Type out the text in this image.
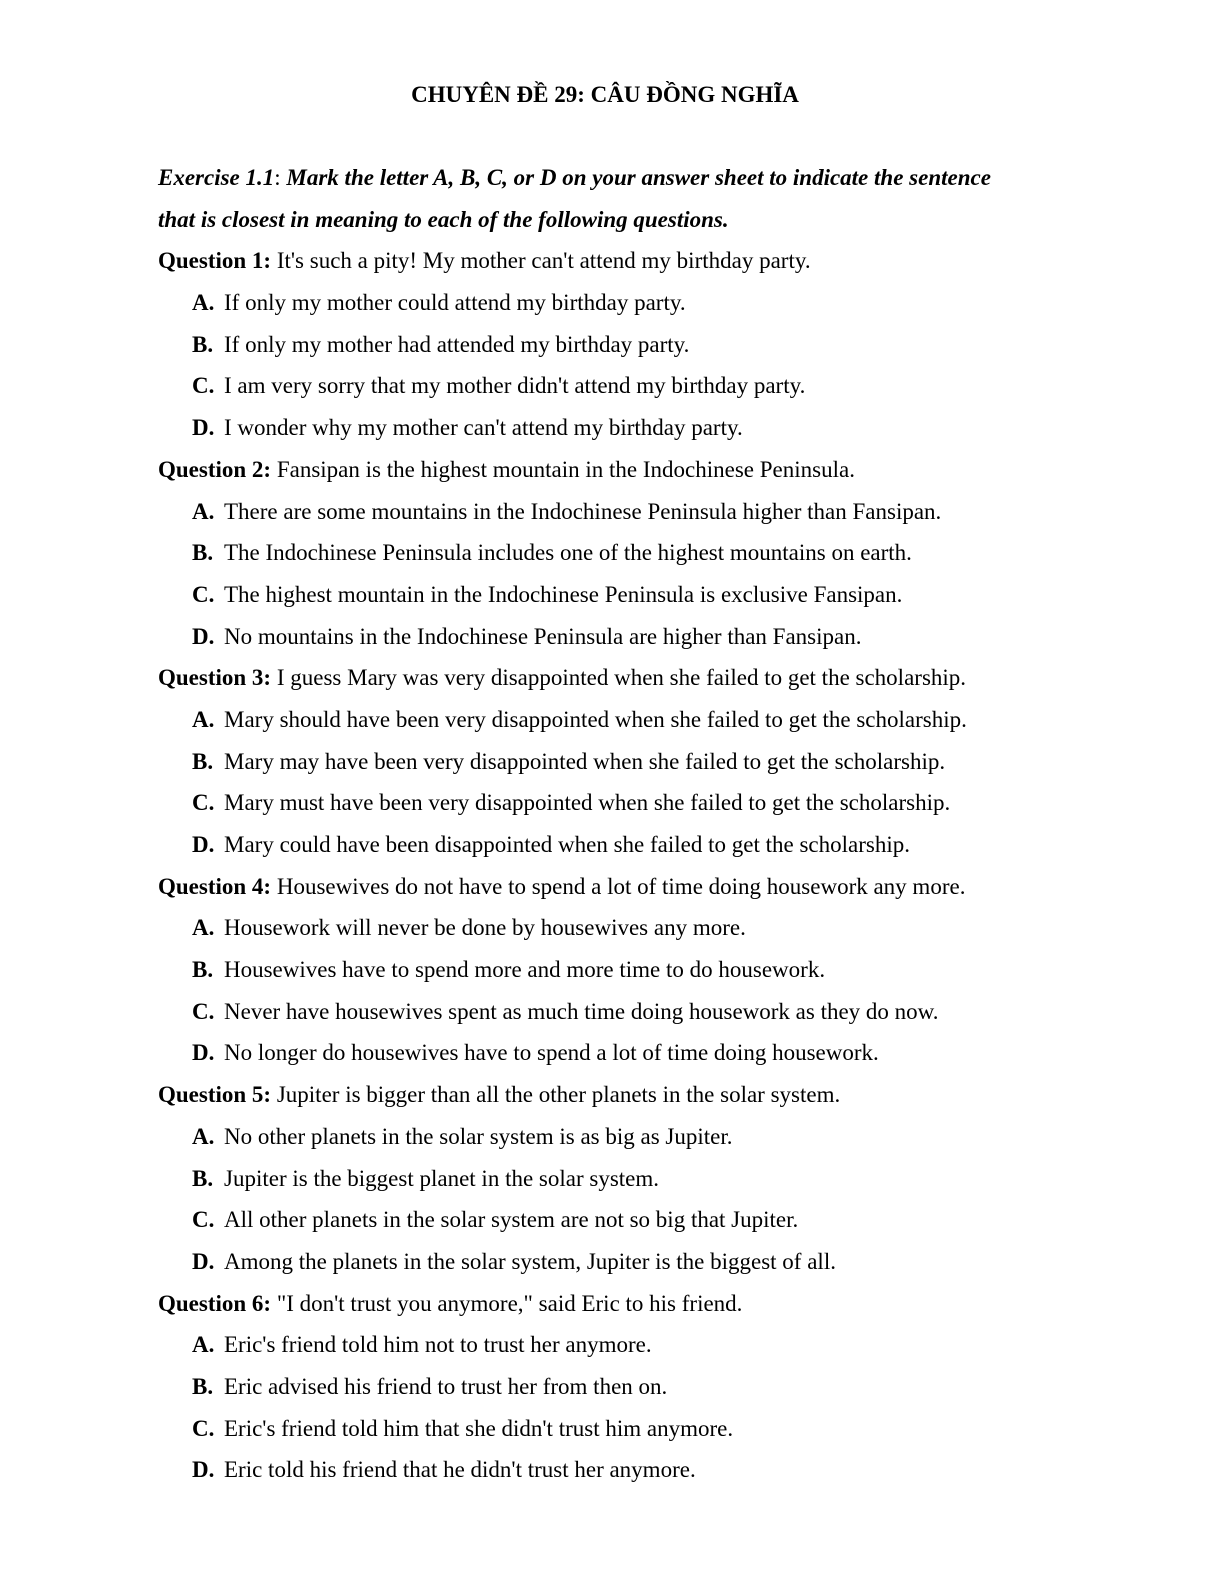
CHUYÊN ĐỀ 29: CÂU ĐỒNG NGHĨA
Exercise 1.1: Mark the letter A, B, C, or D on your answer sheet to indicate the sentence
that is closest in meaning to each of the following questions.
Question 1: It's such a pity! My mother can't attend my birthday party.
A. If only my mother could attend my birthday party.
B. If only my mother had attended my birthday party.
C. I am very sorry that my mother didn't attend my birthday party.
D. I wonder why my mother can't attend my birthday party.
Question 2: Fansipan is the highest mountain in the Indochinese Peninsula.
A. There are some mountains in the Indochinese Peninsula higher than Fansipan.
B. The Indochinese Peninsula includes one of the highest mountains on earth.
C. The highest mountain in the Indochinese Peninsula is exclusive Fansipan.
D. No mountains in the Indochinese Peninsula are higher than Fansipan.
Question 3: I guess Mary was very disappointed when she failed to get the scholarship.
A. Mary should have been very disappointed when she failed to get the scholarship.
B. Mary may have been very disappointed when she failed to get the scholarship.
C. Mary must have been very disappointed when she failed to get the scholarship.
D. Mary could have been disappointed when she failed to get the scholarship.
Question 4: Housewives do not have to spend a lot of time doing housework any more.
A. Housework will never be done by housewives any more.
B. Housewives have to spend more and more time to do housework.
C. Never have housewives spent as much time doing housework as they do now.
D. No longer do housewives have to spend a lot of time doing housework.
Question 5: Jupiter is bigger than all the other planets in the solar system.
A. No other planets in the solar system is as big as Jupiter.
B. Jupiter is the biggest planet in the solar system.
C. All other planets in the solar system are not so big that Jupiter.
D. Among the planets in the solar system, Jupiter is the biggest of all.
Question 6: "I don't trust you anymore," said Eric to his friend.
A. Eric's friend told him not to trust her anymore.
B. Eric advised his friend to trust her from then on.
C. Eric's friend told him that she didn't trust him anymore.
D. Eric told his friend that he didn't trust her anymore.
